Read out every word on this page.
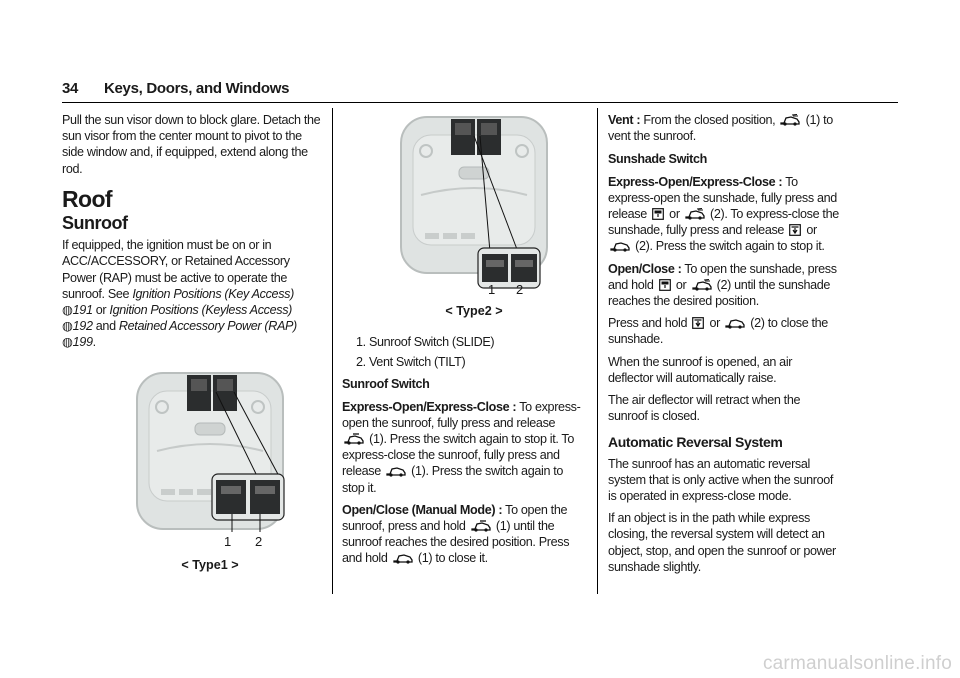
34 Keys, Doors, and Windows

Pull the sun visor down to block glare. Detach the sun visor from the center mount to pivot to the side window and, if equipped, extend along the rod.

Roof
Sunroof

If equipped, the ignition must be on or in ACC/ACCESSORY, or Retained Accessory Power (RAP) must be active to operate the sunroof. See Ignition Positions (Key Access) ◍191 or Ignition Positions (Keyless Access) ◍192 and Retained Accessory Power (RAP) ◍199.

1 2
< Type1 >
1 2
< Type2 >

1. Sunroof Switch (SLIDE)

2. Vent Switch (TILT)

Sunroof Switch

Express-Open/Express-Close : To express-open the sunroof, fully press and release  (1). Press the switch again to stop it. To express-close the sunroof, fully press and release (1). Press the switch again to stop it.

Open/Close (Manual Mode) : To open the sunroof, press and hold (1) until the sunroof reaches the desired position. Press and hold (1) to close it.

Vent : From the closed position, (1) to vent the sunroof.

Sunshade Switch

Express-Open/Express-Close : To express-open the sunshade, fully press and release or (2). To express-close the sunshade, fully press and release or  (2). Press the switch again to stop it.

Open/Close : To open the sunshade, press and hold or (2) until the sunshade reaches the desired position.

Press and hold or (2) to close the sunshade.

When the sunroof is opened, an air deflector will automatically raise.

The air deflector will retract when the sunroof is closed.

Automatic Reversal System

The sunroof has an automatic reversal system that is only active when the sunroof is operated in express-close mode.

If an object is in the path while express closing, the reversal system will detect an object, stop, and open the sunroof or power sunshade slightly.

carmanualsonline.info
